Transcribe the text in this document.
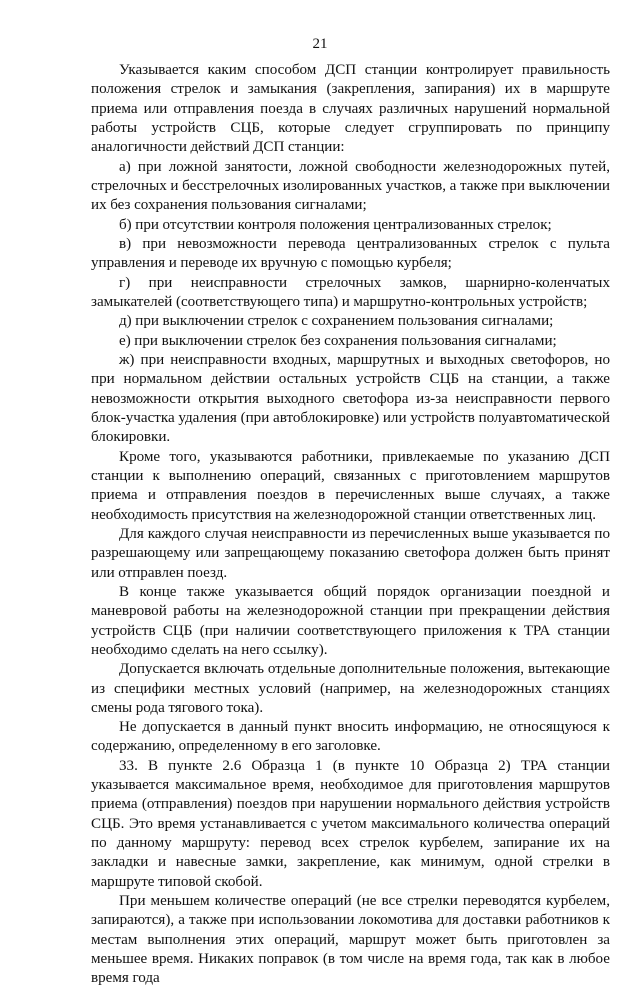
21

Указывается каким способом ДСП станции контролирует правильность положения стрелок и замыкания (закрепления, запирания) их в маршруте приема или отправления поезда в случаях различных нарушений нормальной работы устройств СЦБ, которые следует сгруппировать по принципу аналогичности действий ДСП станции:

а) при ложной занятости, ложной свободности железнодорожных путей, стрелочных и бесстрелочных изолированных участков, а также при выключении их без сохранения пользования сигналами;

б) при отсутствии контроля положения централизованных стрелок;

в) при невозможности перевода централизованных стрелок с пульта управления и переводе их вручную с помощью курбеля;

г) при неисправности стрелочных замков, шарнирно-коленчатых замыкателей (соответствующего типа) и маршрутно-контрольных устройств;

д) при выключении стрелок с сохранением пользования сигналами;

е) при выключении стрелок без сохранения пользования сигналами;

ж) при неисправности входных, маршрутных и выходных светофоров, но при нормальном действии остальных устройств СЦБ на станции, а также невозможности открытия выходного светофора из-за неисправности первого блок-участка удаления (при автоблокировке) или устройств полуавтоматической блокировки.

Кроме того, указываются работники, привлекаемые по указанию ДСП станции к выполнению операций, связанных с приготовлением маршрутов приема и отправления поездов в перечисленных выше случаях, а также необходимость присутствия на железнодорожной станции ответственных лиц.

Для каждого случая неисправности из перечисленных выше указывается по разрешающему или запрещающему показанию светофора должен быть принят или отправлен поезд.

В конце также указывается общий порядок организации поездной и маневровой работы на железнодорожной станции при прекращении действия устройств СЦБ (при наличии соответствующего приложения к ТРА станции необходимо сделать на него ссылку).

Допускается включать отдельные дополнительные положения, вытекающие из специфики местных условий (например, на железнодорожных станциях смены рода тягового тока).

Не допускается в данный пункт вносить информацию, не относящуюся к содержанию, определенному в его заголовке.

33. В пункте 2.6 Образца 1 (в пункте 10 Образца 2) ТРА станции указывается максимальное время, необходимое для приготовления маршрутов приема (отправления) поездов при нарушении нормального действия устройств СЦБ. Это время устанавливается с учетом максимального количества операций по данному маршруту: перевод всех стрелок курбелем, запирание их на закладки и навесные замки, закрепление, как минимум, одной стрелки в маршруте типовой скобой.

При меньшем количестве операций (не все стрелки переводятся курбелем, запираются), а также при использовании локомотива для доставки работников к местам выполнения этих операций, маршрут может быть приготовлен за меньшее время. Никаких поправок (в том числе на время года, так как в любое время года
